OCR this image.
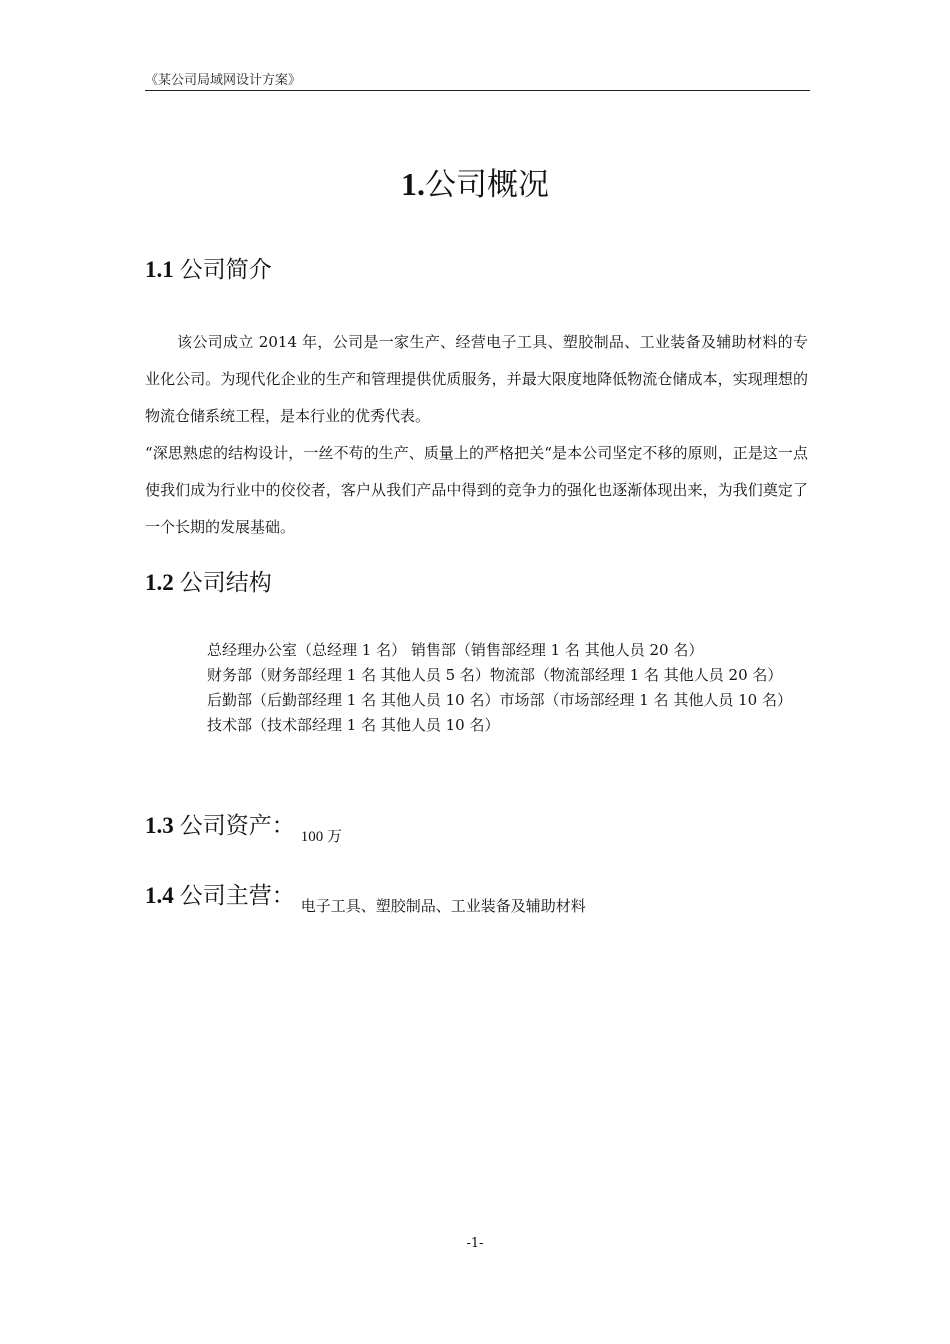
《某公司局域网设计方案》
1.公司概况
1.1 公司简介

该公司成立 2014 年，公司是一家生产、经营电子工具、塑胶制品、工业装备及辅助材料的专业化公司。为现代化企业的生产和管理提供优质服务，并最大限度地降低物流仓储成本，实现理想的物流仓储系统工程，是本行业的优秀代表。

“深思熟虑的结构设计，一丝不苟的生产、质量上的严格把关“是本公司坚定不移的原则，正是这一点使我们成为行业中的佼佼者，客户从我们产品中得到的竞争力的强化也逐渐体现出来，为我们奠定了一个长期的发展基础。

1.2 公司结构

总经理办公室（总经理 1 名） 销售部（销售部经理 1 名 其他人员 20 名）

财务部（财务部经理 1 名 其他人员 5 名）物流部（物流部经理 1 名 其他人员 20 名）

后勤部（后勤部经理 1 名 其他人员 10 名）市场部（市场部经理 1 名 其他人员 10 名）

技术部（技术部经理 1 名 其他人员 10 名）

1.3 公司资产： $_{100 万}$
1.4 公司主营： $_{电子工具、塑胶制品、工业装备及辅助材料}$
-1-
